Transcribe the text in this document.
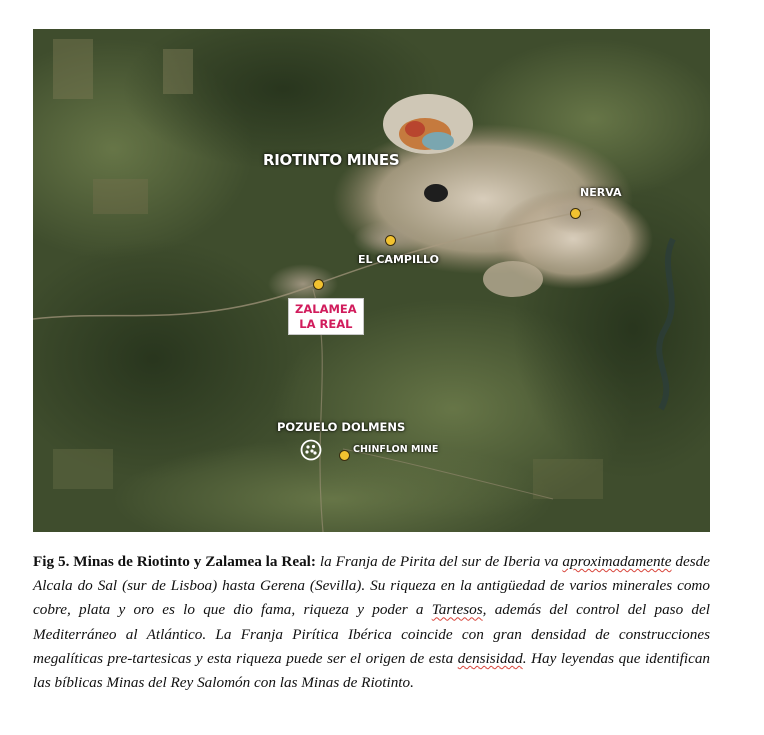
RIOTINTO MINES
NERVA
EL CAMPILLO
ZALAMEA
LA REAL
POZUELO DOLMENS
CHINFLON MINE
Fig 5. Minas de Riotinto y Zalamea la Real: la Franja de Pirita del sur de Iberia va aproximadamente desde Alcala do Sal (sur de Lisboa) hasta Gerena (Sevilla). Su riqueza en la antigüedad de varios minerales como cobre, plata y oro es lo que dio fama, riqueza y poder a Tartesos, además del control del paso del Mediterráneo al Atlántico. La Franja Pirítica Ibérica coincide con gran densidad de construcciones megalíticas pre-tartesicas y esta riqueza puede ser el origen de esta densisidad. Hay leyendas que identifican las bíblicas Minas del Rey Salomón con las Minas de Riotinto.
